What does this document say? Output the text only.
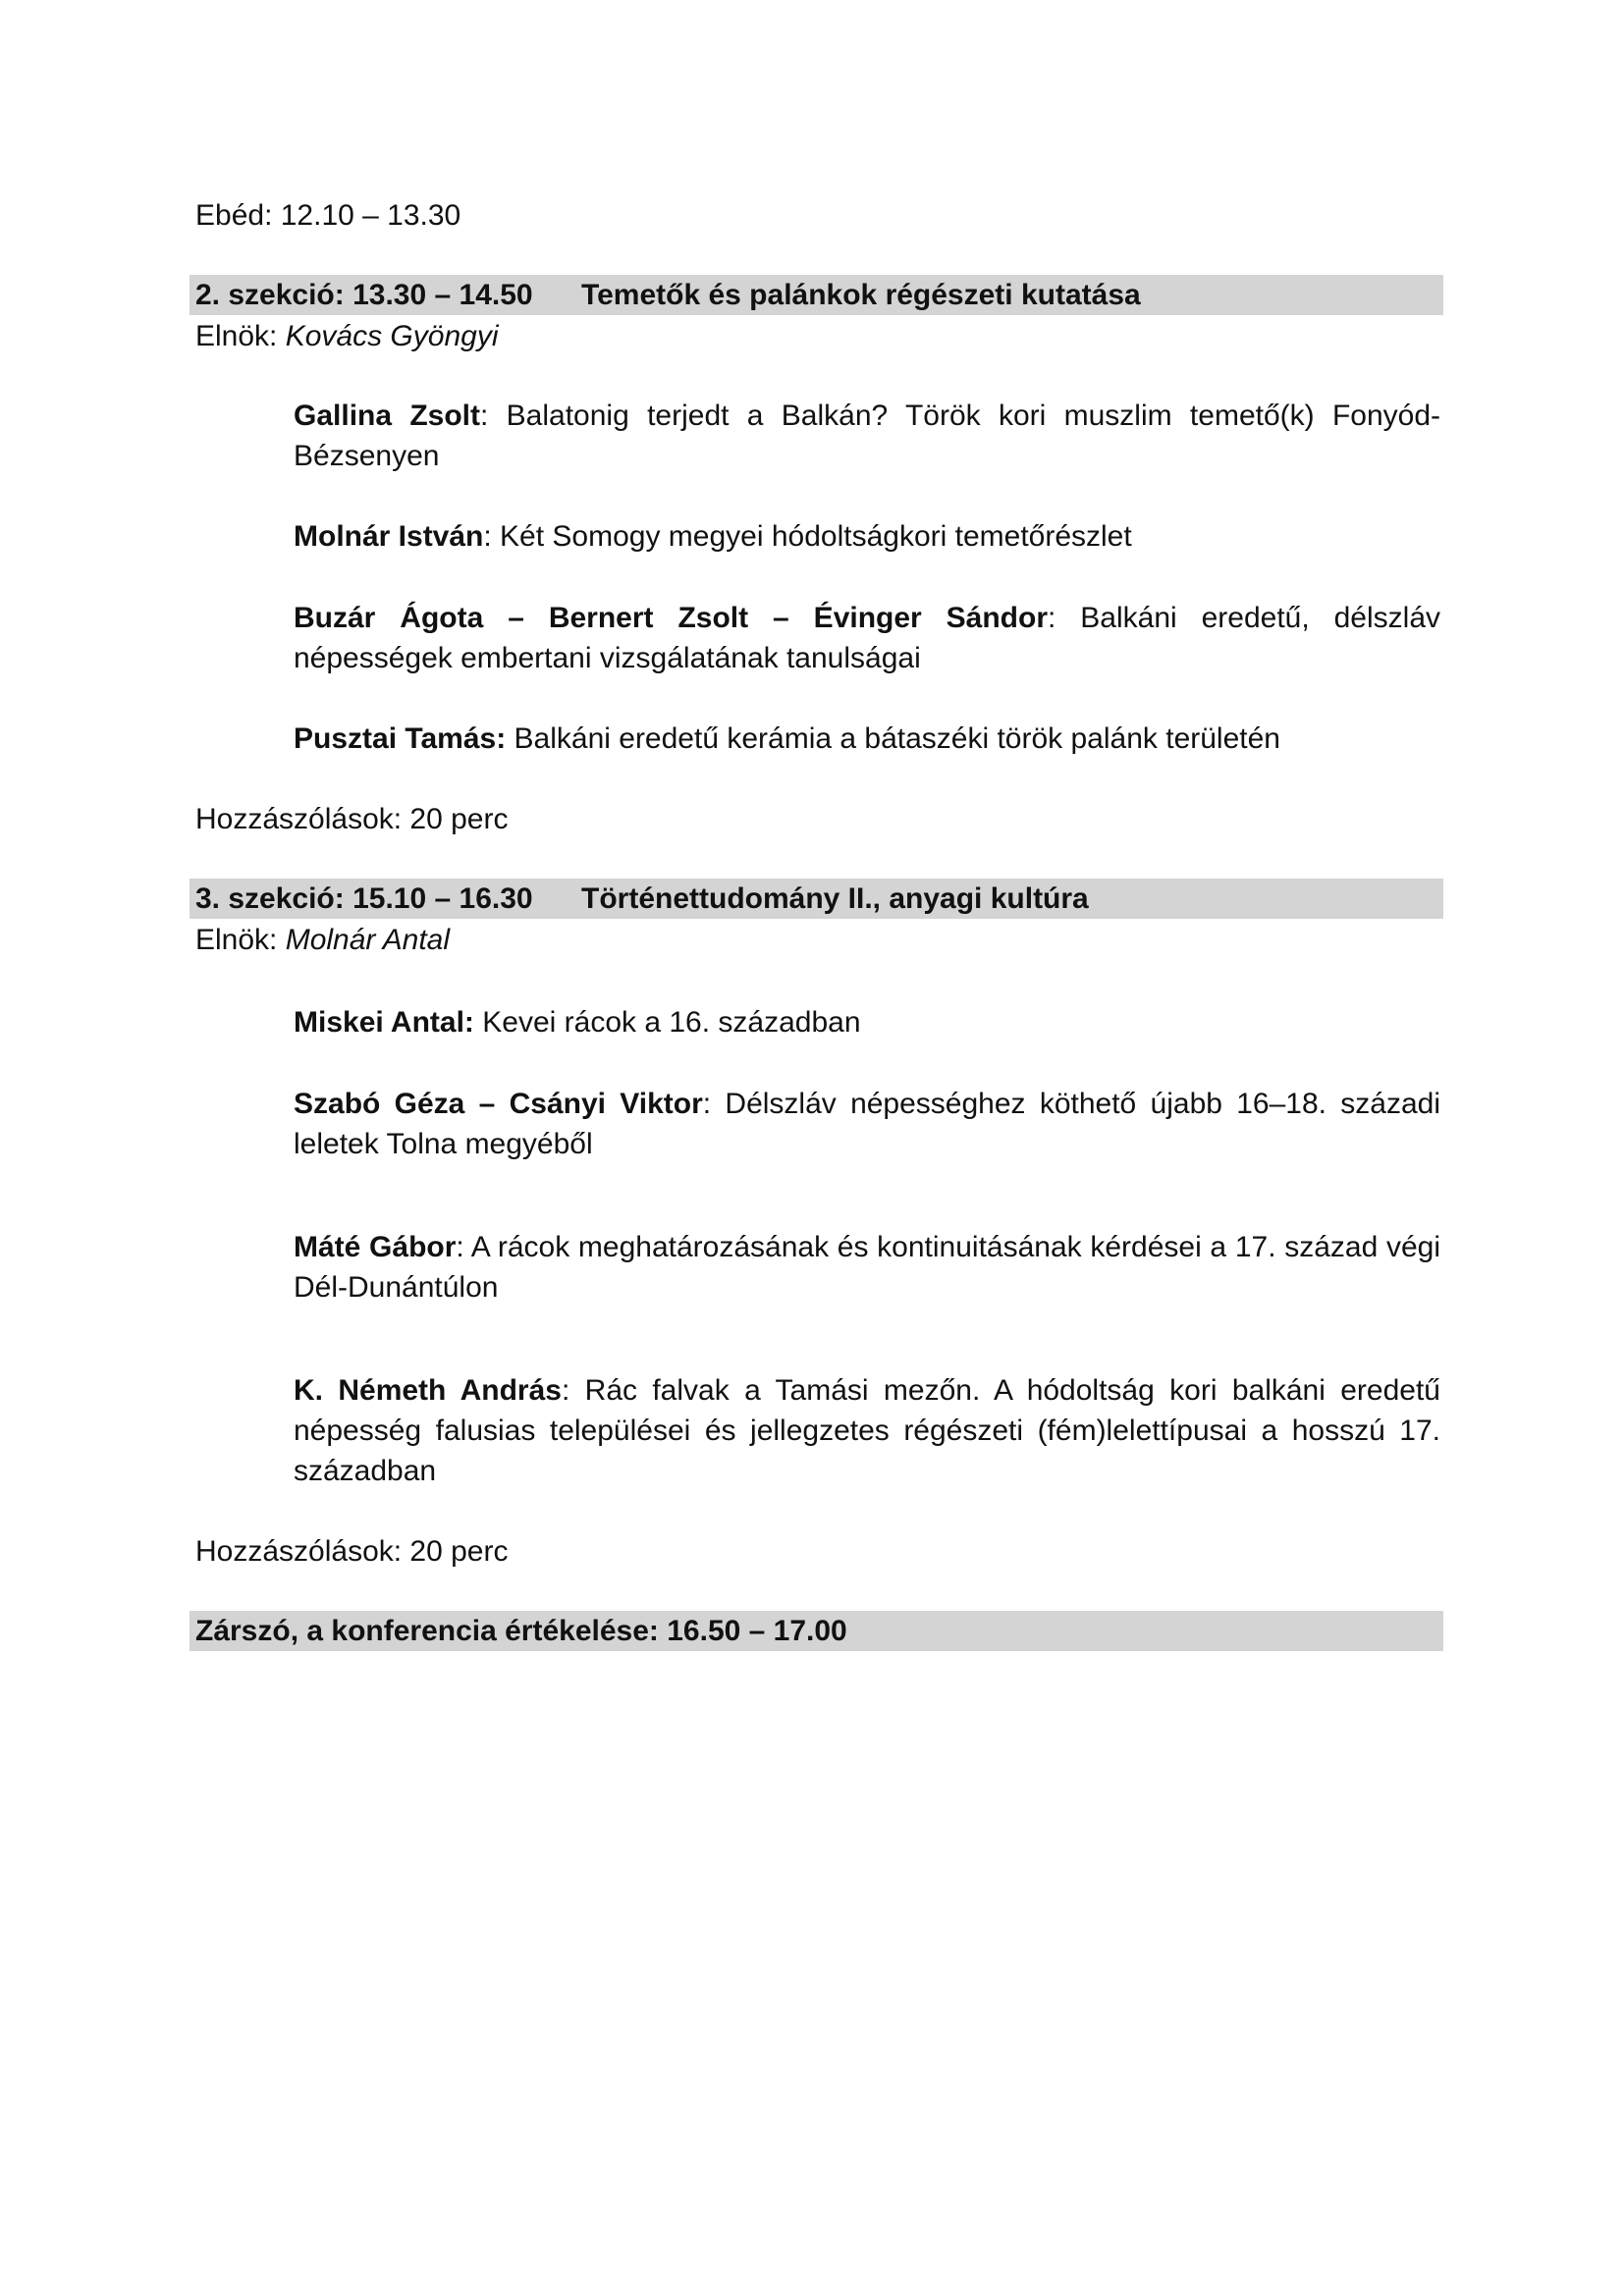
Ebéd: 12.10 – 13.30

2. szekció: 13.30 – 14.50 Temetők és palánkok régészeti kutatása

Elnök: Kovács Gyöngyi

Gallina Zsolt: Balatonig terjedt a Balkán? Török kori muszlim temető(k) Fonyód-Bézsenyen

Molnár István: Két Somogy megyei hódoltságkori temetőrészlet

Buzár Ágota – Bernert Zsolt – Évinger Sándor: Balkáni eredetű, délszláv népességek embertani vizsgálatának tanulságai

Pusztai Tamás: Balkáni eredetű kerámia a bátaszéki török palánk területén

Hozzászólások: 20 perc

3. szekció: 15.10 – 16.30 Történettudomány II., anyagi kultúra

Elnök: Molnár Antal

Miskei Antal: Kevei rácok a 16. században

Szabó Géza – Csányi Viktor: Délszláv népességhez köthető újabb 16–18. századi leletek Tolna megyéből

Máté Gábor: A rácok meghatározásának és kontinuitásának kérdései a 17. század végi Dél-Dunántúlon

K. Németh András: Rác falvak a Tamási mezőn. A hódoltság kori balkáni eredetű népesség falusias települései és jellegzetes régészeti (fém)lelettípusai a hosszú 17. században

Hozzászólások: 20 perc

Zárszó, a konferencia értékelése: 16.50 – 17.00
